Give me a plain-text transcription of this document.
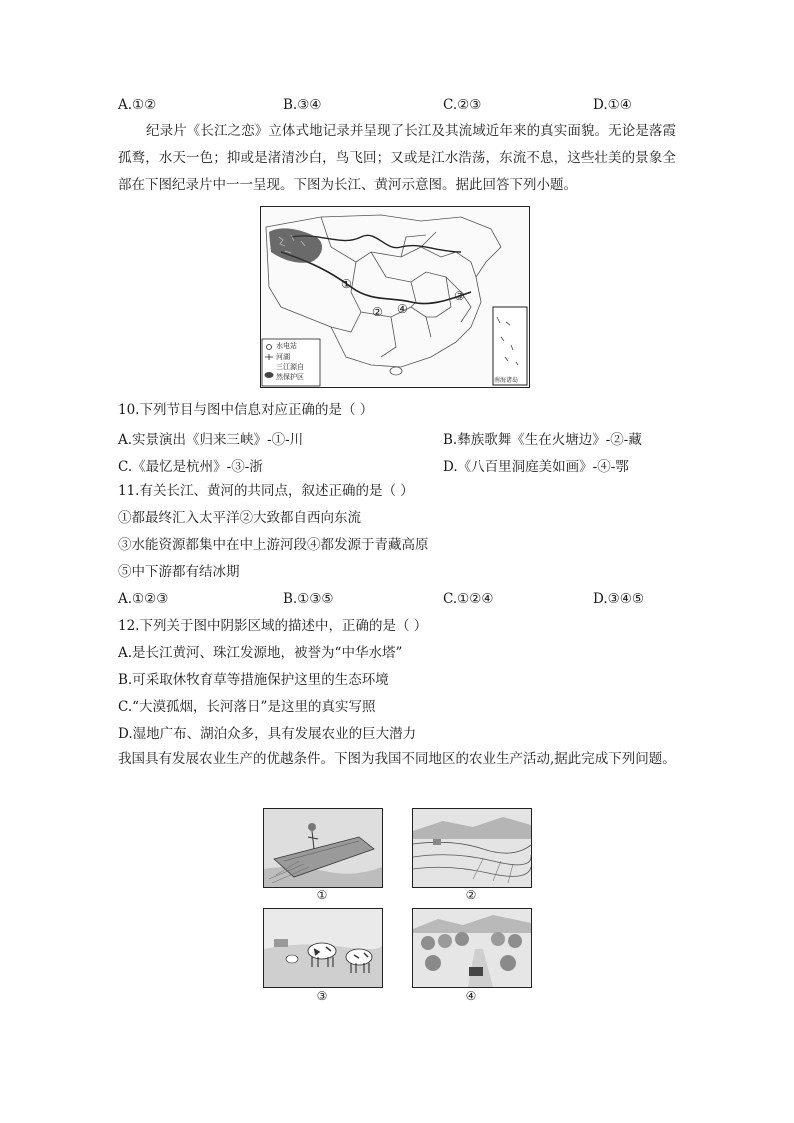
A.①②	B.③④	C.②③	D.①④
纪录片《长江之恋》立体式地记录并呈现了长江及其流域近年来的真实面貌。无论是落霞孤鹜，水天一色；抑或是渚清沙白，鸟飞回；又或是江水浩荡，东流不息，这些壮美的景象全部在下图纪录片中一一呈现。下图为长江、黄河示意图。据此回答下列小题。
①
②
③
④
水电站
河湖
三江源自
然保护区	南海诸岛
10.下列节目与图中信息对应正确的是（ ）
A.实景演出《归来三峡》-①-川	B.彝族歌舞《生在火塘边》-②-藏
C.《最忆是杭州》-③-浙	D.《八百里洞庭美如画》-④-鄂
11.有关长江、黄河的共同点，叙述正确的是（ ）
①都最终汇入太平洋②大致都自西向东流
③水能资源都集中在中上游河段④都发源于青藏高原
⑤中下游都有结冰期
A.①②③	B.①③⑤	C.①②④	D.③④⑤
12.下列关于图中阴影区域的描述中，正确的是（ ）
A.是长江黄河、珠江发源地，被誉为“中华水塔”
B.可采取休牧育草等措施保护这里的生态环境
C.“大漠孤烟，长河落日”是这里的真实写照
D.湿地广布、湖泊众多，具有发展农业的巨大潜力
我国具有发展农业生产的优越条件。下图为我国不同地区的农业生产活动,据此完成下列问题。
①	②
③	④
